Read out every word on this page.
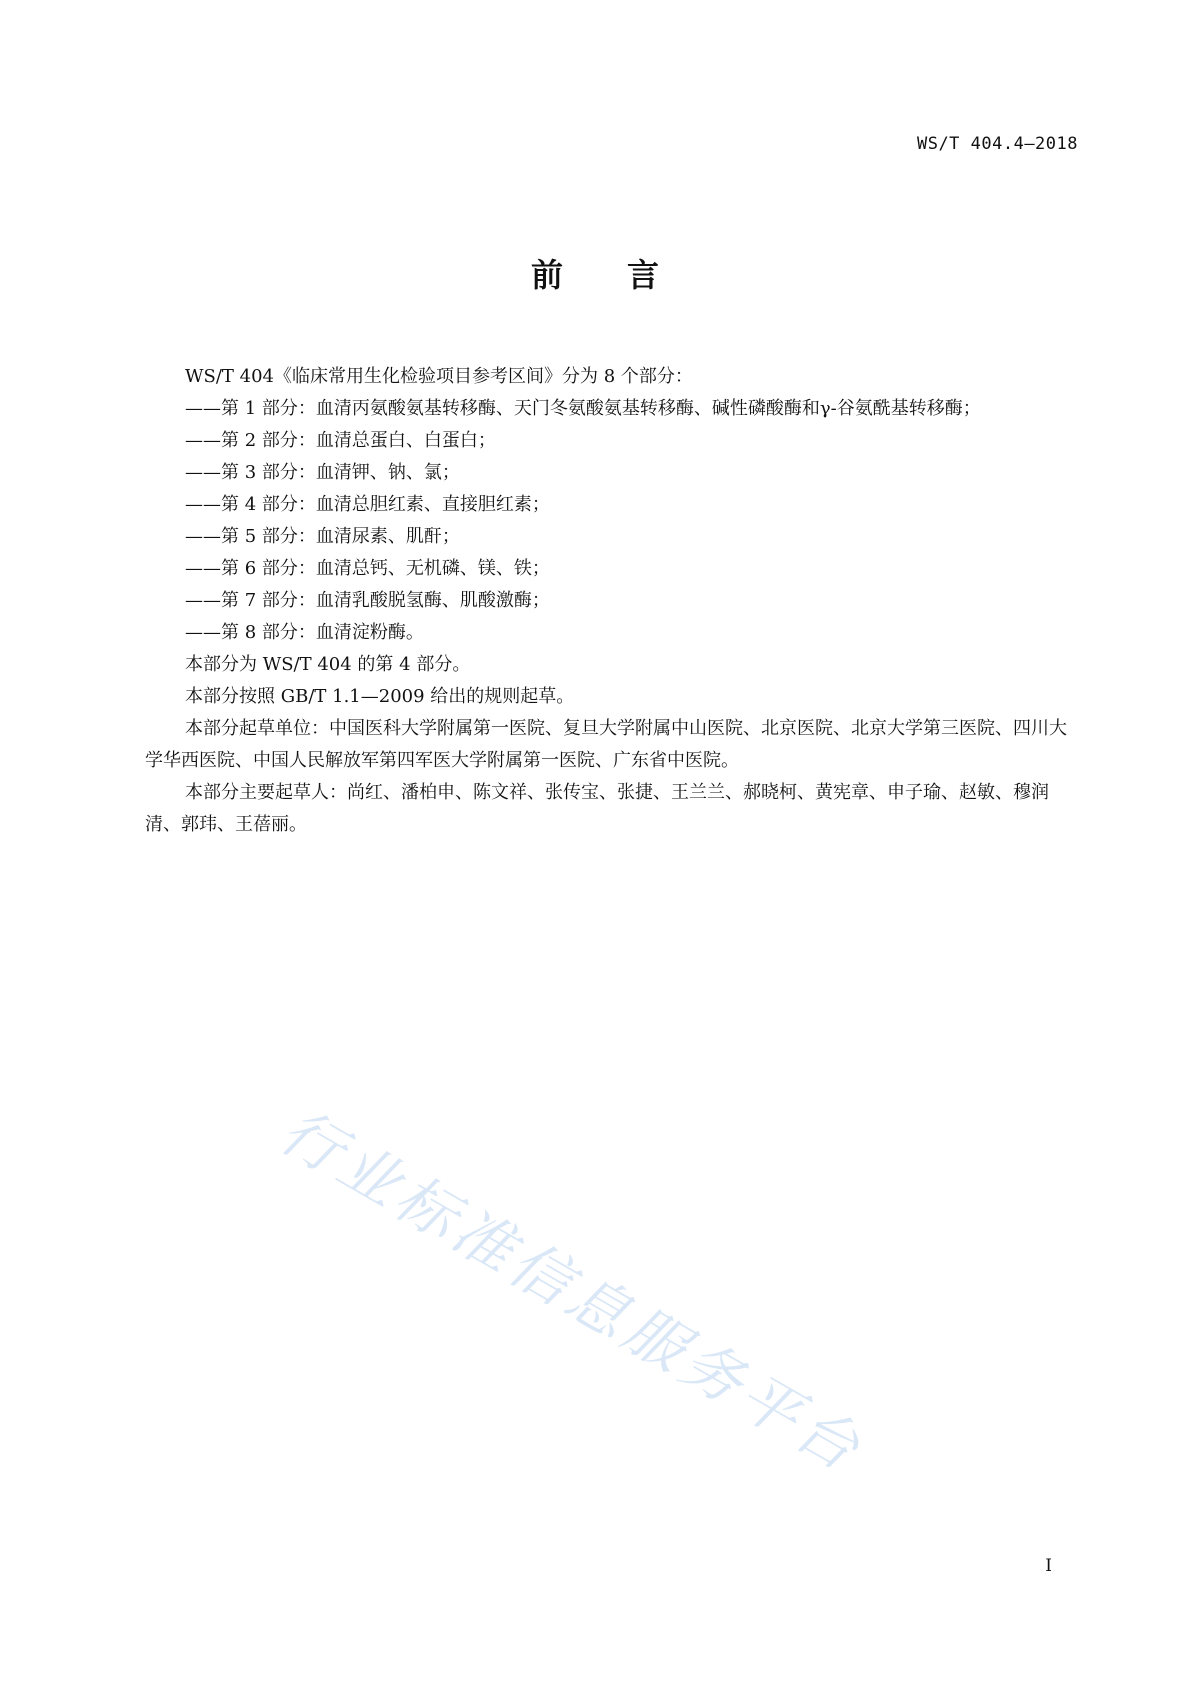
WS/T 404.4—2018
前 言

WS/T 404《临床常用生化检验项目参考区间》分为 8 个部分：

——第 1 部分：血清丙氨酸氨基转移酶、天门冬氨酸氨基转移酶、碱性磷酸酶和γ-谷氨酰基转移酶；
——第 2 部分：血清总蛋白、白蛋白；
——第 3 部分：血清钾、钠、氯；
——第 4 部分：血清总胆红素、直接胆红素；
——第 5 部分：血清尿素、肌酐；
——第 6 部分：血清总钙、无机磷、镁、铁；
——第 7 部分：血清乳酸脱氢酶、肌酸激酶；
——第 8 部分：血清淀粉酶。

本部分为 WS/T 404 的第 4 部分。

本部分按照 GB/T 1.1—2009 给出的规则起草。

本部分起草单位：中国医科大学附属第一医院、复旦大学附属中山医院、北京医院、北京大学第三医院、四川大学华西医院、中国人民解放军第四军医大学附属第一医院、广东省中医院。

本部分主要起草人：尚红、潘柏申、陈文祥、张传宝、张捷、王兰兰、郝晓柯、黄宪章、申子瑜、赵敏、穆润清、郭玮、王蓓丽。

行业标准信息服务平台
I
